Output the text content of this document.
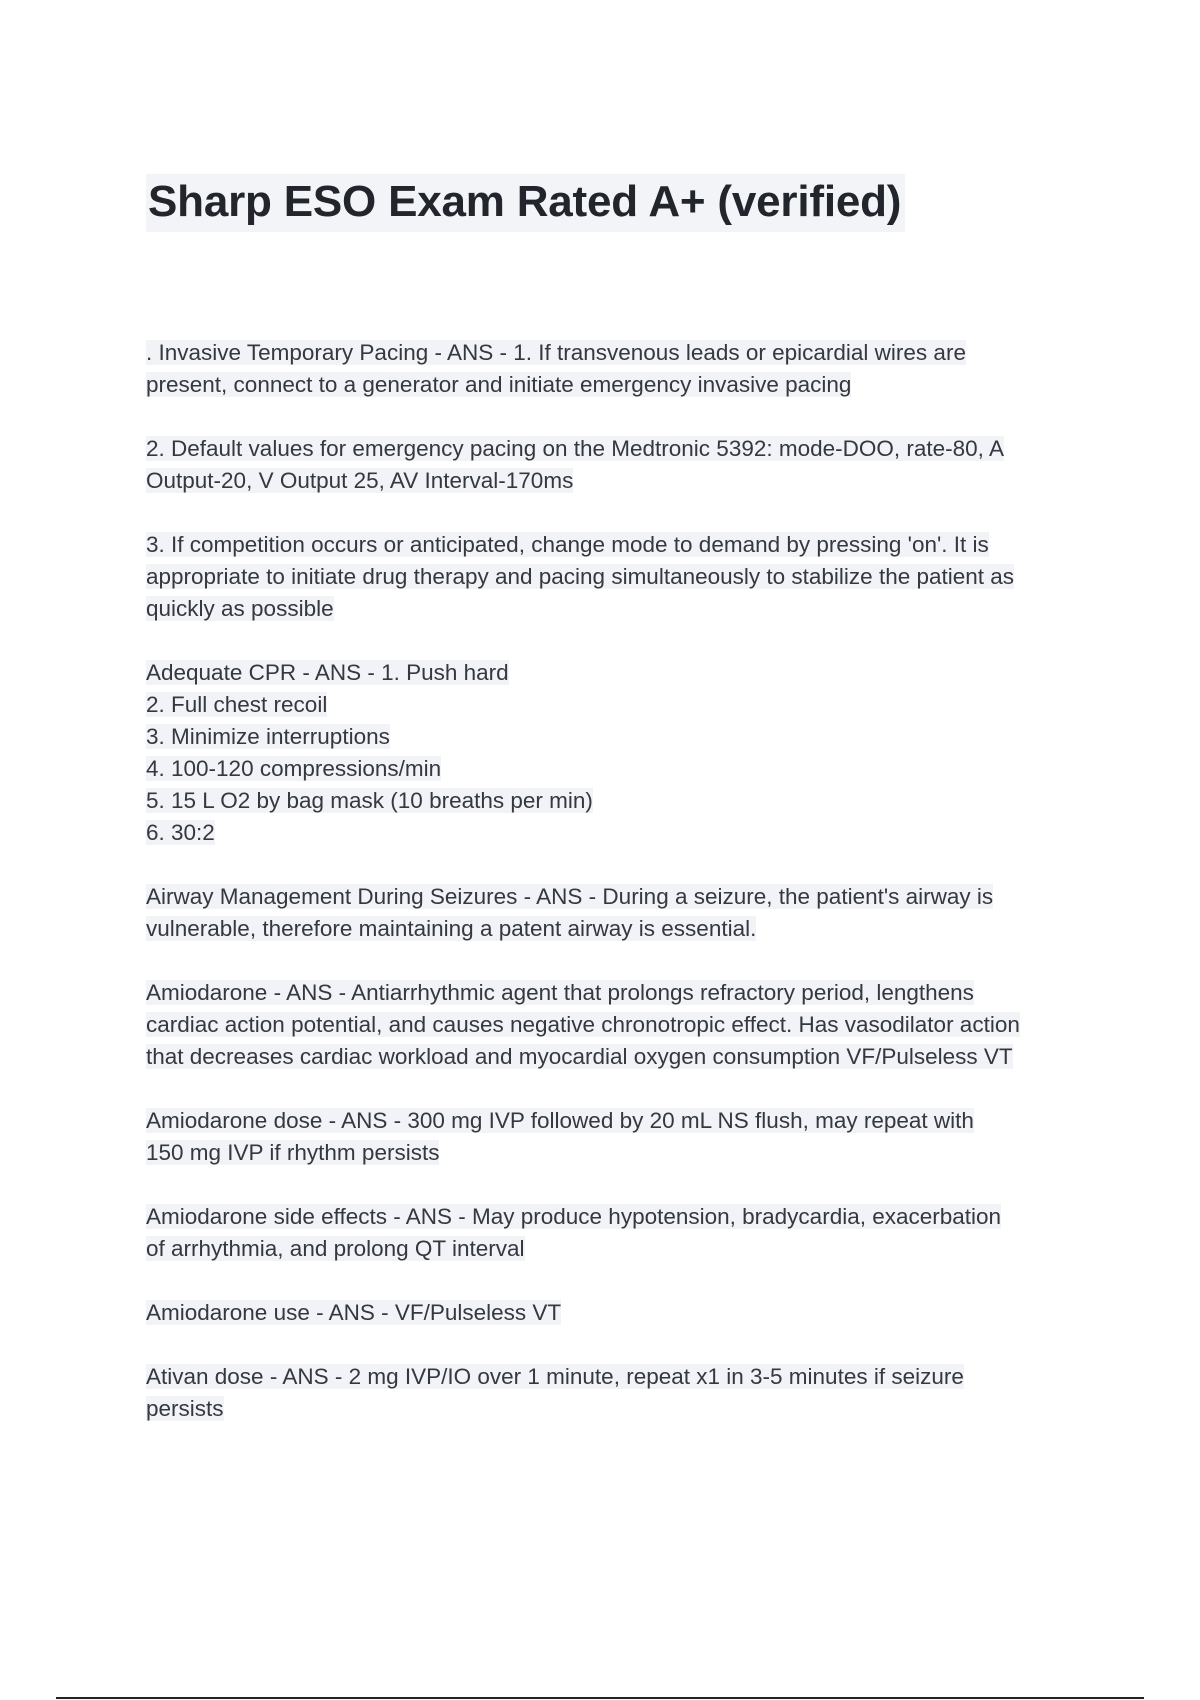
Sharp ESO Exam Rated A+ (verified)

. Invasive Temporary Pacing - ANS - 1. If transvenous leads or epicardial wires are
present, connect to a generator and initiate emergency invasive pacing

2. Default values for emergency pacing on the Medtronic 5392: mode-DOO, rate-80, A
Output-20, V Output 25, AV Interval-170ms

3. If competition occurs or anticipated, change mode to demand by pressing 'on'. It is
appropriate to initiate drug therapy and pacing simultaneously to stabilize the patient as
quickly as possible

Adequate CPR - ANS - 1. Push hard
2. Full chest recoil
3. Minimize interruptions
4. 100-120 compressions/min
5. 15 L O2 by bag mask (10 breaths per min)
6. 30:2

Airway Management During Seizures - ANS - During a seizure, the patient's airway is
vulnerable, therefore maintaining a patent airway is essential.

Amiodarone - ANS - Antiarrhythmic agent that prolongs refractory period, lengthens
cardiac action potential, and causes negative chronotropic effect. Has vasodilator action
that decreases cardiac workload and myocardial oxygen consumption VF/Pulseless VT

Amiodarone dose - ANS - 300 mg IVP followed by 20 mL NS flush, may repeat with
150 mg IVP if rhythm persists

Amiodarone side effects - ANS - May produce hypotension, bradycardia, exacerbation
of arrhythmia, and prolong QT interval

Amiodarone use - ANS - VF/Pulseless VT

Ativan dose - ANS - 2 mg IVP/IO over 1 minute, repeat x1 in 3-5 minutes if seizure
persists
